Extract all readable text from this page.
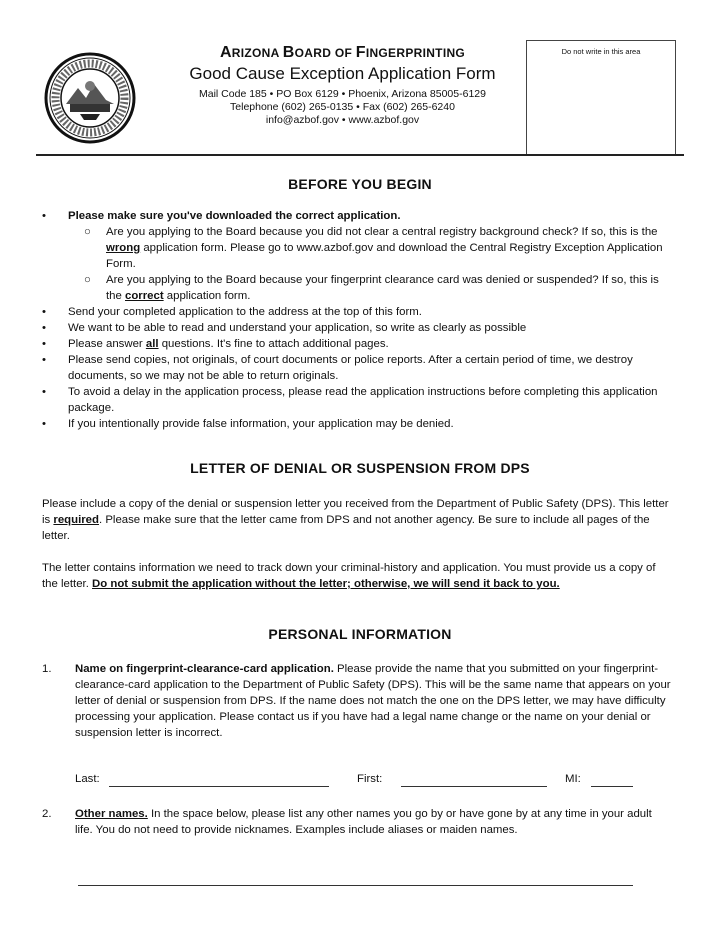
ARIZONA BOARD OF FINGERPRINTING
Good Cause Exception Application Form
Mail Code 185 • PO Box 6129 • Phoenix, Arizona 85005-6129
Telephone (602) 265-0135 • Fax (602) 265-6240
info@azbof.gov • www.azbof.gov
Do not write in this area
BEFORE YOU BEGIN
•	Please make sure you've downloaded the correct application.
○	Are you applying to the Board because you did not clear a central registry background check? If so, this is the wrong application form. Please go to www.azbof.gov and download the Central Registry Exception Application Form.
○	Are you applying to the Board because your fingerprint clearance card was denied or suspended? If so, this is the correct application form.
•	Send your completed application to the address at the top of this form.
•	We want to be able to read and understand your application, so write as clearly as possible
•	Please answer all questions. It's fine to attach additional pages.
•	Please send copies, not originals, of court documents or police reports. After a certain period of time, we destroy documents, so we may not be able to return originals.
•	To avoid a delay in the application process, please read the application instructions before completing this application package.
•	If you intentionally provide false information, your application may be denied.
LETTER OF DENIAL OR SUSPENSION FROM DPS
Please include a copy of the denial or suspension letter you received from the Department of Public Safety (DPS). This letter is required. Please make sure that the letter came from DPS and not another agency. Be sure to include all pages of the letter.
The letter contains information we need to track down your criminal-history and application. You must provide us a copy of the letter. Do not submit the application without the letter; otherwise, we will send it back to you.
PERSONAL INFORMATION
1.	Name on fingerprint-clearance-card application. Please provide the name that you submitted on your fingerprint-clearance-card application to the Department of Public Safety (DPS). This will be the same name that appears on your letter of denial or suspension from DPS. If the name does not match the one on the DPS letter, we may have difficulty processing your application. Please contact us if you have had a legal name change or the name on your denial or suspension letter is incorrect.
Last:	First:	MI:
2.	Other names. In the space below, please list any other names you go by or have gone by at any time in your adult life. You do not need to provide nicknames. Examples include aliases or maiden names.
